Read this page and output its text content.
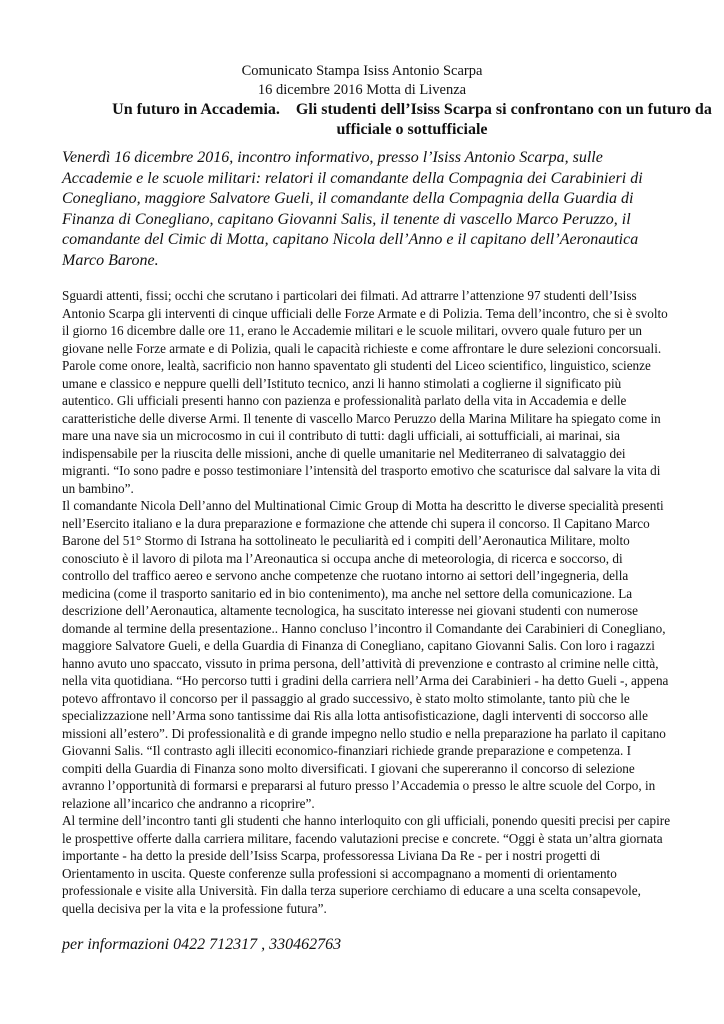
Comunicato Stampa Isiss Antonio Scarpa
16 dicembre 2016 Motta di Livenza
Un futuro in Accademia.    Gli studenti dell’Isiss Scarpa si confrontano con un futuro da ufficiale o sottufficiale
Venerdì 16 dicembre 2016, incontro informativo, presso l’Isiss Antonio Scarpa, sulle Accademie e le scuole militari: relatori il comandante della Compagnia dei Carabinieri di Conegliano, maggiore Salvatore Gueli, il comandante della Compagnia della Guardia di Finanza di Conegliano, capitano Giovanni Salis, il tenente di vascello Marco Peruzzo, il comandante del Cimic di Motta, capitano Nicola dell’Anno e il capitano dell’Aeronautica Marco Barone.

Sguardi attenti, fissi; occhi che scrutano i particolari dei filmati. Ad attrarre l’attenzione 97 studenti dell’Isiss Antonio Scarpa gli interventi di cinque ufficiali delle Forze Armate e di Polizia. Tema dell’incontro, che si è svolto il giorno 16 dicembre dalle ore 11, erano le Accademie militari e le scuole militari, ovvero quale futuro per un giovane nelle Forze armate e di Polizia, quali le capacità richieste e come affrontare le dure selezioni concorsuali.

Parole come onore, lealtà, sacrificio non hanno spaventato gli studenti del Liceo scientifico, linguistico, scienze umane e classico e neppure quelli dell’Istituto tecnico, anzi li hanno stimolati a coglierne il significato più autentico. Gli ufficiali presenti hanno con pazienza e professionalità parlato della vita in Accademia e delle caratteristiche delle diverse Armi. Il tenente di vascello Marco Peruzzo della Marina Militare ha spiegato come in mare una nave sia un microcosmo in cui il contributo di tutti: dagli ufficiali, ai sottufficiali, ai marinai, sia indispensabile per la riuscita delle missioni, anche di quelle umanitarie nel Mediterraneo di salvataggio dei migranti. “Io sono padre e posso testimoniare l’intensità del trasporto emotivo che scaturisce dal salvare la vita di un bambino”.

Il comandante Nicola Dell’anno del Multinational Cimic Group di Motta ha descritto le diverse specialità presenti nell’Esercito italiano e la dura preparazione e formazione che attende chi supera il concorso. Il Capitano Marco Barone del 51° Stormo di Istrana ha sottolineato le peculiarità ed i compiti dell’Aeronautica Militare, molto conosciuto è il lavoro di pilota ma l’Areonautica si occupa anche di meteorologia, di ricerca e soccorso, di controllo del traffico aereo e servono anche competenze che ruotano intorno ai settori dell’ingegneria, della medicina (come il trasporto sanitario ed in bio contenimento), ma anche nel settore della comunicazione. La descrizione dell’Aeronautica, altamente tecnologica, ha suscitato interesse nei giovani studenti con numerose domande al termine della presentazione.. Hanno concluso l’incontro il Comandante dei Carabinieri di Conegliano, maggiore Salvatore Gueli, e della Guardia di Finanza di Conegliano, capitano Giovanni Salis. Con loro i ragazzi hanno avuto uno spaccato, vissuto in prima persona, dell’attività di prevenzione e contrasto al crimine nelle città, nella vita quotidiana. “Ho percorso tutti i gradini della carriera nell’Arma dei Carabinieri - ha detto Gueli -, appena potevo affrontavo il concorso per il passaggio al grado successivo, è stato molto stimolante, tanto più che le specializzazione nell’Arma sono tantissime dai Ris alla lotta antisofisticazione, dagli interventi di soccorso alle missioni all’estero”. Di professionalità e di grande impegno nello studio e nella preparazione ha parlato il capitano Giovanni Salis. “Il contrasto agli illeciti economico-finanziari richiede grande preparazione e competenza. I compiti della Guardia di Finanza sono molto diversificati. I giovani che supereranno il concorso di selezione avranno l’opportunità di formarsi e prepararsi al futuro presso l’Accademia o presso le altre scuole del Corpo, in relazione all’incarico che andranno a ricoprire”.

Al termine dell’incontro tanti gli studenti che hanno interloquito con gli ufficiali, ponendo quesiti precisi per capire le prospettive offerte dalla carriera militare, facendo valutazioni precise e concrete. “Oggi è stata un’altra giornata importante - ha detto la preside dell’Isiss Scarpa, professoressa Liviana Da Re - per i nostri progetti di Orientamento in uscita. Queste conferenze sulla professioni si accompagnano a momenti di orientamento professionale e visite alla Università. Fin dalla terza superiore cerchiamo di educare a una scelta consapevole, quella decisiva per la vita e la professione futura”.

per informazioni 0422 712317 , 330462763
